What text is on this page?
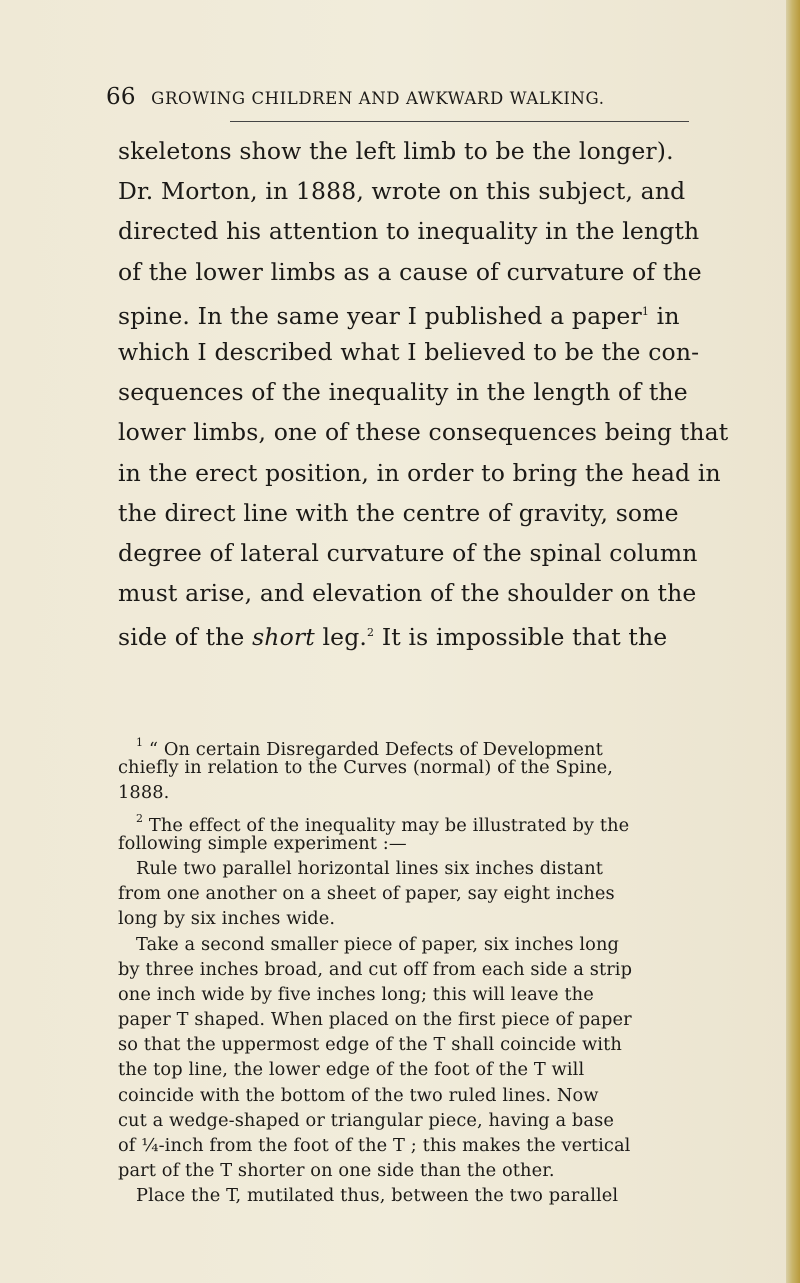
66 GROWING CHILDREN AND AWKWARD WALKING.
skeletons show the left limb to be the longer).
Dr. Morton, in 1888, wrote on this subject, and
directed his attention to inequality in the length
of the lower limbs as a cause of curvature of the
spine. In the same year I published a paper$^1$ in
which I described what I believed to be the con-
sequences of the inequality in the length of the
lower limbs, one of these consequences being that
in the erect position, in order to bring the head in
the direct line with the centre of gravity, some
degree of lateral curvature of the spinal column
must arise, and elevation of the shoulder on the
side of the short leg.$^2$ It is impossible that the
$^1$ “ On certain Disregarded Defects of Development
chiefly in relation to the Curves (normal) of the Spine,
1888.
$^2$ The effect of the inequality may be illustrated by the
following simple experiment :—
Rule two parallel horizontal lines six inches distant
from one another on a sheet of paper, say eight inches
long by six inches wide.
Take a second smaller piece of paper, six inches long
by three inches broad, and cut off from each side a strip
one inch wide by five inches long; this will leave the
paper T shaped. When placed on the first piece of paper
so that the uppermost edge of the T shall coincide with
the top line, the lower edge of the foot of the T will
coincide with the bottom of the two ruled lines. Now
cut a wedge-shaped or triangular piece, having a base
of ¼-inch from the foot of the T ; this makes the vertical
part of the T shorter on one side than the other.
Place the T, mutilated thus, between the two parallel
